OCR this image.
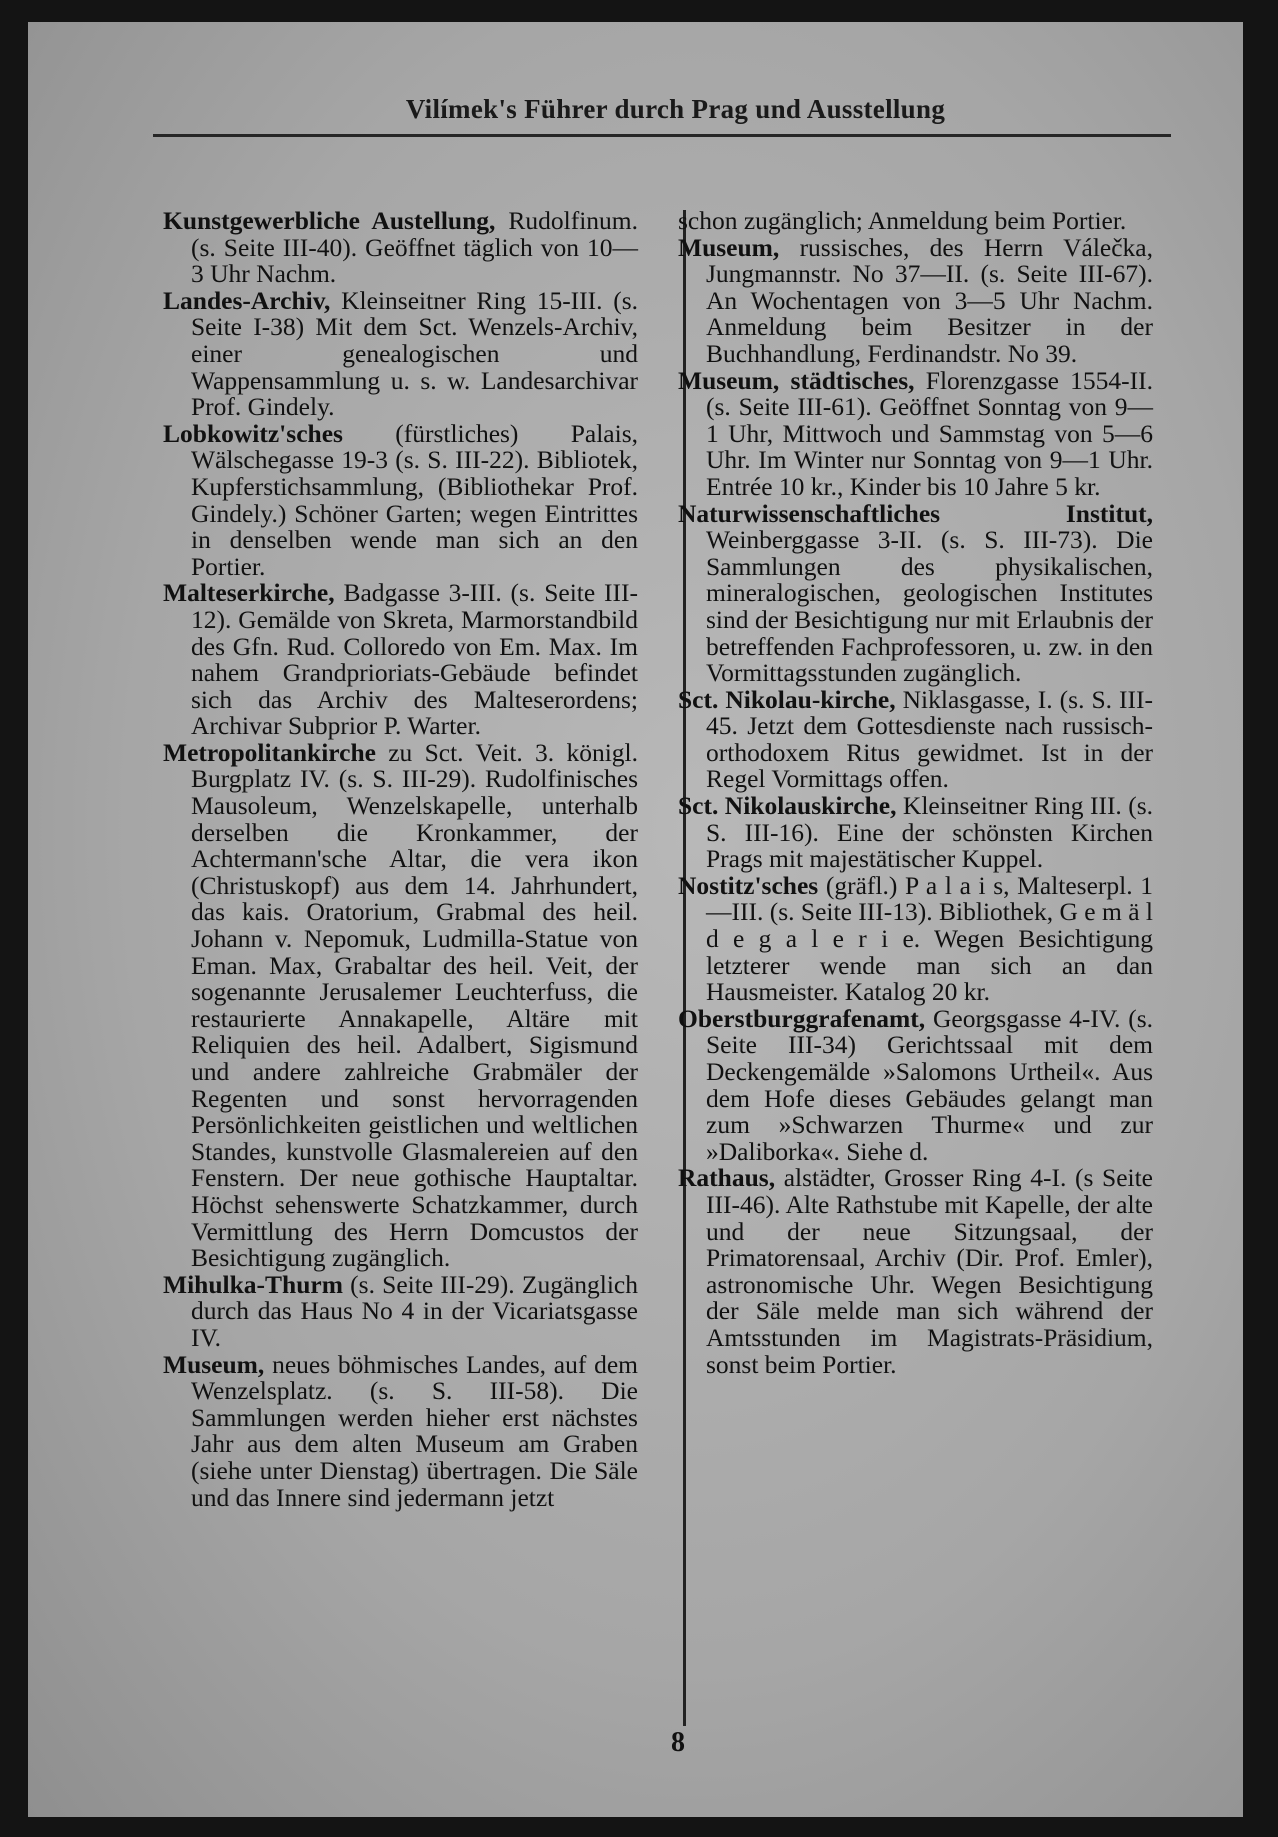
Vilímek's Führer durch Prag und Ausstellung

Kunstgewerbliche Austellung, Rudolfinum. (s. Seite III-40). Geöffnet täglich von 10—3 Uhr Nachm.

Landes-Archiv, Kleinseitner Ring 15-III. (s. Seite I-38) Mit dem Sct. Wenzels-Archiv, einer genealogischen und Wappensammlung u. s. w. Landesarchivar Prof. Gindely.

Lobkowitz'sches (fürstliches) Palais, Wälschegasse 19-3 (s. S. III-22). Bibliotek, Kupferstichsammlung, (Bibliothekar Prof. Gindely.) Schöner Garten; wegen Eintrittes in denselben wende man sich an den Portier.

Malteserkirche, Badgasse 3-III. (s. Seite III-12). Gemälde von Skreta, Marmorstandbild des Gfn. Rud. Colloredo von Em. Max. Im nahem Grandprioriats-Gebäude befindet sich das Archiv des Malteserordens; Archivar Subprior P. Warter.

Metropolitankirche zu Sct. Veit. 3. königl. Burgplatz IV. (s. S. III-29). Rudolfinisches Mausoleum, Wenzelskapelle, unterhalb derselben die Kronkammer, der Achtermann'sche Altar, die vera ikon (Christuskopf) aus dem 14. Jahrhundert, das kais. Oratorium, Grabmal des heil. Johann v. Nepomuk, Ludmilla-Statue von Eman. Max, Grabaltar des heil. Veit, der sogenannte Jerusalemer Leuchterfuss, die restaurierte Annakapelle, Altäre mit Reliquien des heil. Adalbert, Sigismund und andere zahlreiche Grabmäler der Regenten und sonst hervorragenden Persönlichkeiten geistlichen und weltlichen Standes, kunstvolle Glasmalereien auf den Fenstern. Der neue gothische Hauptaltar. Höchst sehenswerte Schatzkammer, durch Vermittlung des Herrn Domcustos der Besichtigung zugänglich.

Mihulka-Thurm (s. Seite III-29). Zugänglich durch das Haus No 4 in der Vicariatsgasse IV.

Museum, neues böhmisches Landes, auf dem Wenzelsplatz. (s. S. III-58). Die Sammlungen werden hieher erst nächstes Jahr aus dem alten Museum am Graben (siehe unter Dienstag) übertragen. Die Säle und das Innere sind jedermann jetzt

schon zugänglich; Anmeldung beim Portier.

Museum, russisches, des Herrn Válečka, Jungmannstr. No 37—II. (s. Seite III-67). An Wochentagen von 3—5 Uhr Nachm. Anmeldung beim Besitzer in der Buchhandlung, Ferdinandstr. No 39.

Museum, städtisches, Florenzgasse 1554-II. (s. Seite III-61). Geöffnet Sonntag von 9—1 Uhr, Mittwoch und Sammstag von 5—6 Uhr. Im Winter nur Sonntag von 9—1 Uhr. Entrée 10 kr., Kinder bis 10 Jahre 5 kr.

Naturwissenschaftliches Institut, Weinberggasse 3-II. (s. S. III-73). Die Sammlungen des physikalischen, mineralogischen, geologischen Institutes sind der Besichtigung nur mit Erlaubnis der betreffenden Fachprofessoren, u. zw. in den Vormittagsstunden zugänglich.

Sct. Nikolau-kirche, Niklasgasse, I. (s. S. III-45. Jetzt dem Gottesdienste nach russisch-orthodoxem Ritus gewidmet. Ist in der Regel Vormittags offen.

Sct. Nikolauskirche, Kleinseitner Ring III. (s. S. III-16). Eine der schönsten Kirchen Prags mit majestätischer Kuppel.

Nostitz'sches (gräfl.) P a l a i s, Malteserpl. 1—III. (s. Seite III-13). Bibliothek, G e m ä l d e g a l e r i e. Wegen Besichtigung letzterer wende man sich an dan Hausmeister. Katalog 20 kr.

Oberstburggrafenamt, Georgsgasse 4-IV. (s. Seite III-34) Gerichtssaal mit dem Deckengemälde »Salomons Urtheil«. Aus dem Hofe dieses Gebäudes gelangt man zum »Schwarzen Thurme« und zur »Daliborka«. Siehe d.

Rathaus, alstädter, Grosser Ring 4-I. (s Seite III-46). Alte Rathstube mit Kapelle, der alte und der neue Sitzungsaal, der Primatorensaal, Archiv (Dir. Prof. Emler), astronomische Uhr. Wegen Besichtigung der Säle melde man sich während der Amtsstunden im Magistrats-Präsidium, sonst beim Portier.

8
